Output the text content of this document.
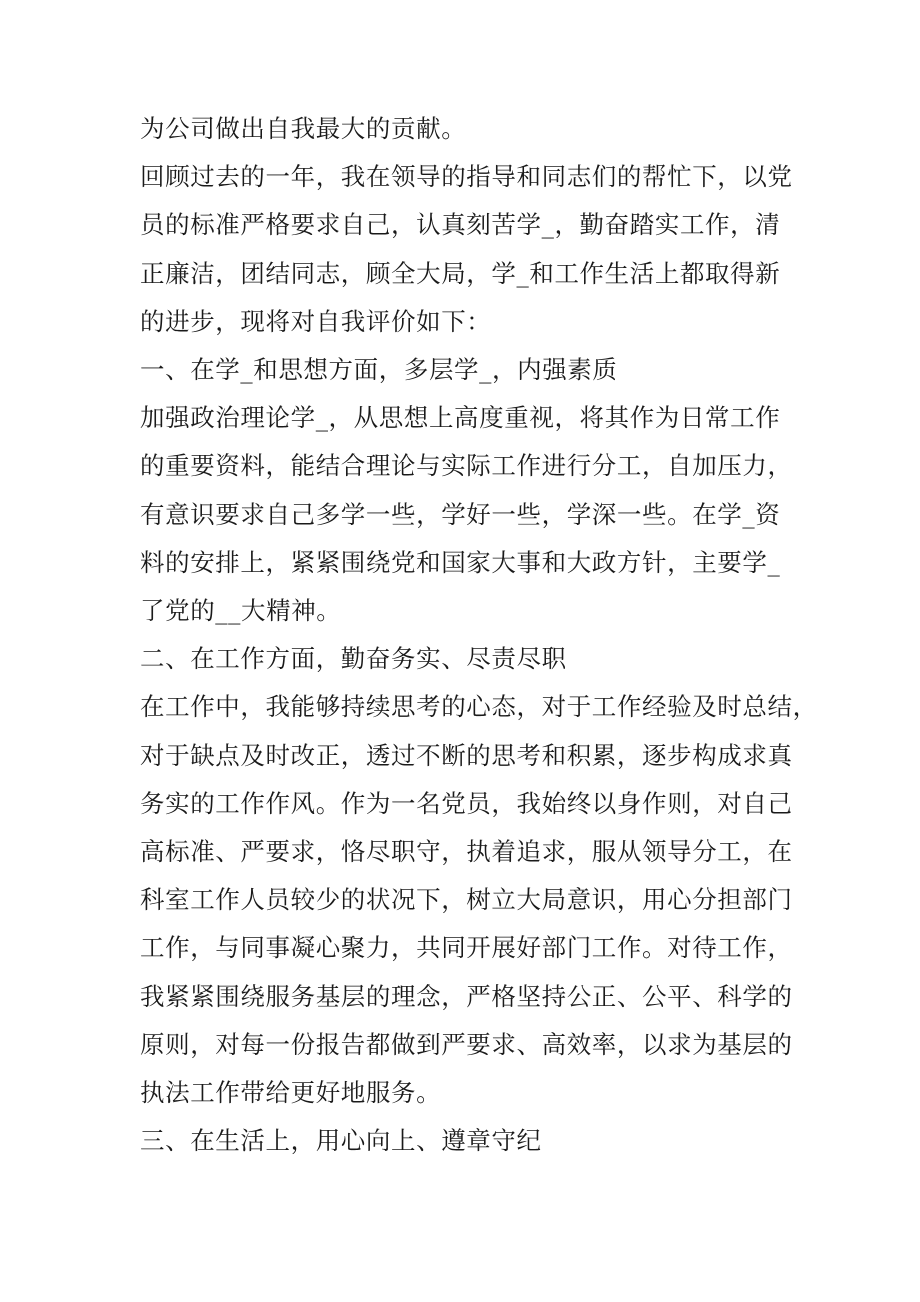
为公司做出自我最大的贡献。

回顾过去的一年，我在领导的指导和同志们的帮忙下，以党

员的标准严格要求自己，认真刻苦学_，勤奋踏实工作，清

正廉洁，团结同志，顾全大局，学_和工作生活上都取得新

的进步，现将对自我评价如下：

一、在学_和思想方面，多层学_，内强素质

加强政治理论学_，从思想上高度重视，将其作为日常工作

的重要资料，能结合理论与实际工作进行分工，自加压力，

有意识要求自己多学一些，学好一些，学深一些。在学_资

料的安排上，紧紧围绕党和国家大事和大政方针，主要学_

了党的__大精神。

二、在工作方面，勤奋务实、尽责尽职

在工作中，我能够持续思考的心态，对于工作经验及时总结，

对于缺点及时改正，透过不断的思考和积累，逐步构成求真

务实的工作作风。作为一名党员，我始终以身作则，对自己

高标准、严要求，恪尽职守，执着追求，服从领导分工，在

科室工作人员较少的状况下，树立大局意识，用心分担部门

工作，与同事凝心聚力，共同开展好部门工作。对待工作，

我紧紧围绕服务基层的理念，严格坚持公正、公平、科学的

原则，对每一份报告都做到严要求、高效率，以求为基层的

执法工作带给更好地服务。

三、在生活上，用心向上、遵章守纪
